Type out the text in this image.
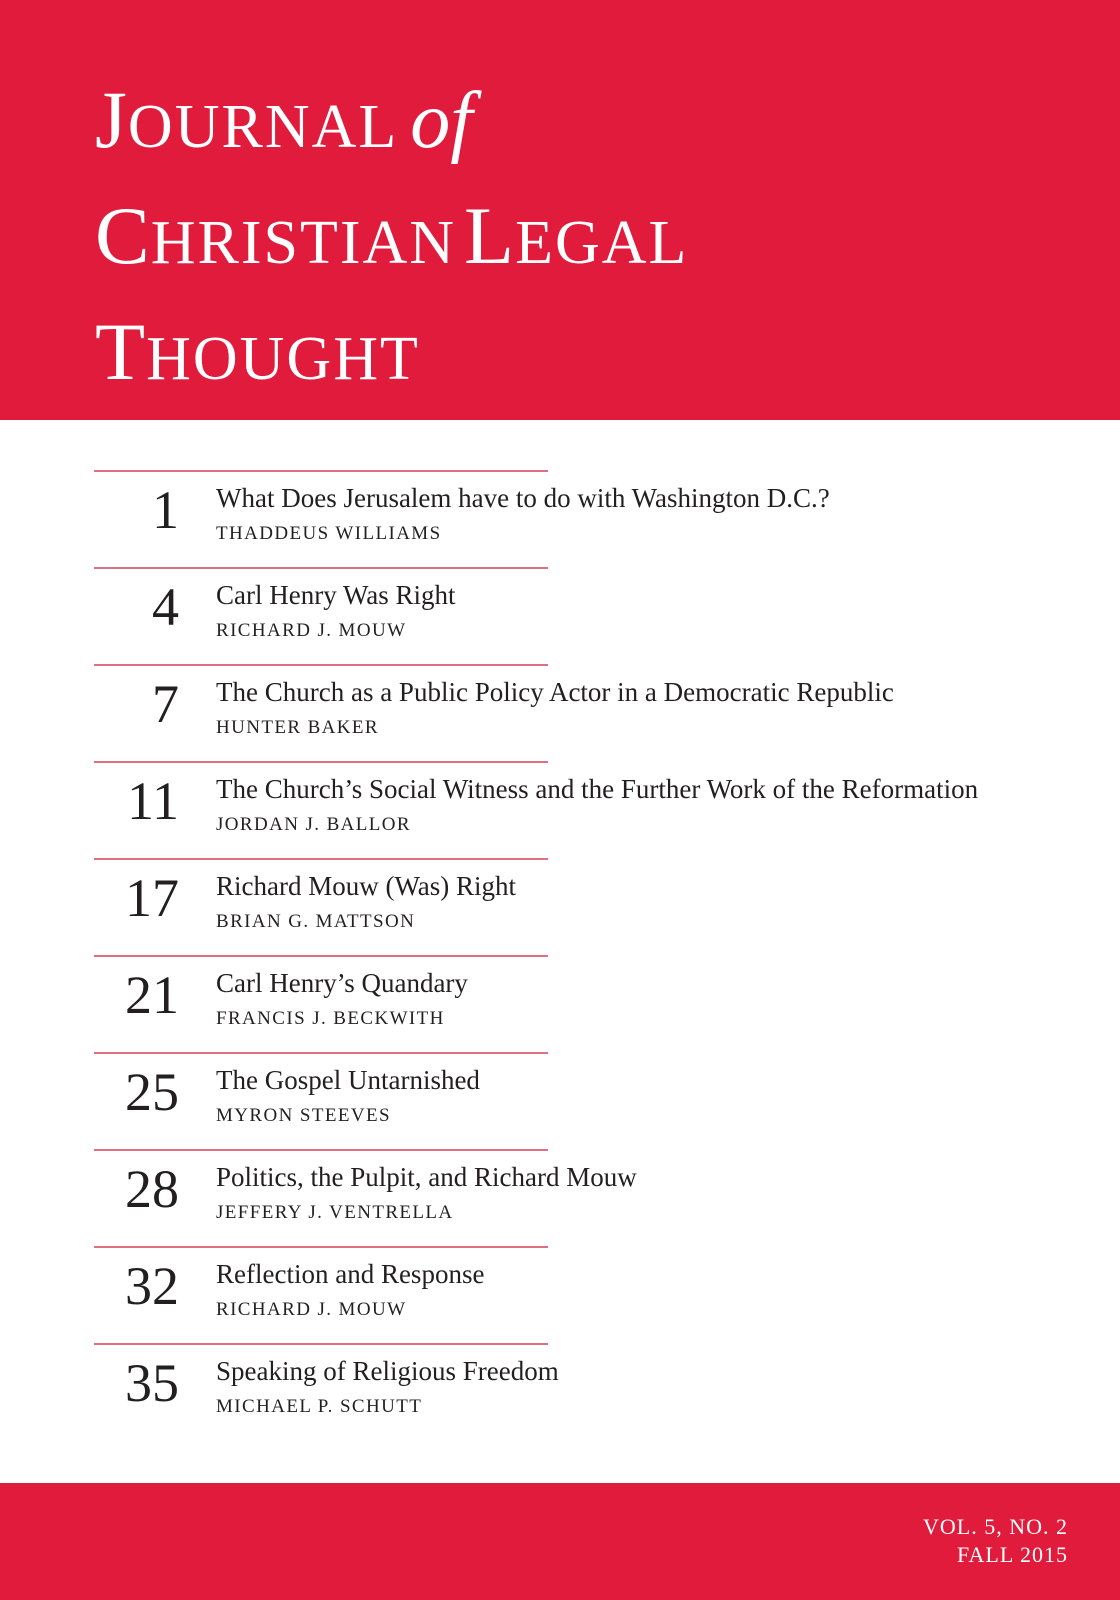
JOURNAL of
CHRISTIAN LEGAL
THOUGHT
1 What Does Jerusalem have to do with Washington D.C.?
THADDEUS WILLIAMS
4 Carl Henry Was Right
RICHARD J. MOUW
7 The Church as a Public Policy Actor in a Democratic Republic
HUNTER BAKER
11 The Church’s Social Witness and the Further Work of the Reformation
JORDAN J. BALLOR
17 Richard Mouw (Was) Right
BRIAN G. MATTSON
21 Carl Henry’s Quandary
FRANCIS J. BECKWITH
25 The Gospel Untarnished
MYRON STEEVES
28 Politics, the Pulpit, and Richard Mouw
JEFFERY J. VENTRELLA
32 Reflection and Response
RICHARD J. MOUW
35 Speaking of Religious Freedom
MICHAEL P. SCHUTT
VOL. 5, NO. 2
FALL 2015
